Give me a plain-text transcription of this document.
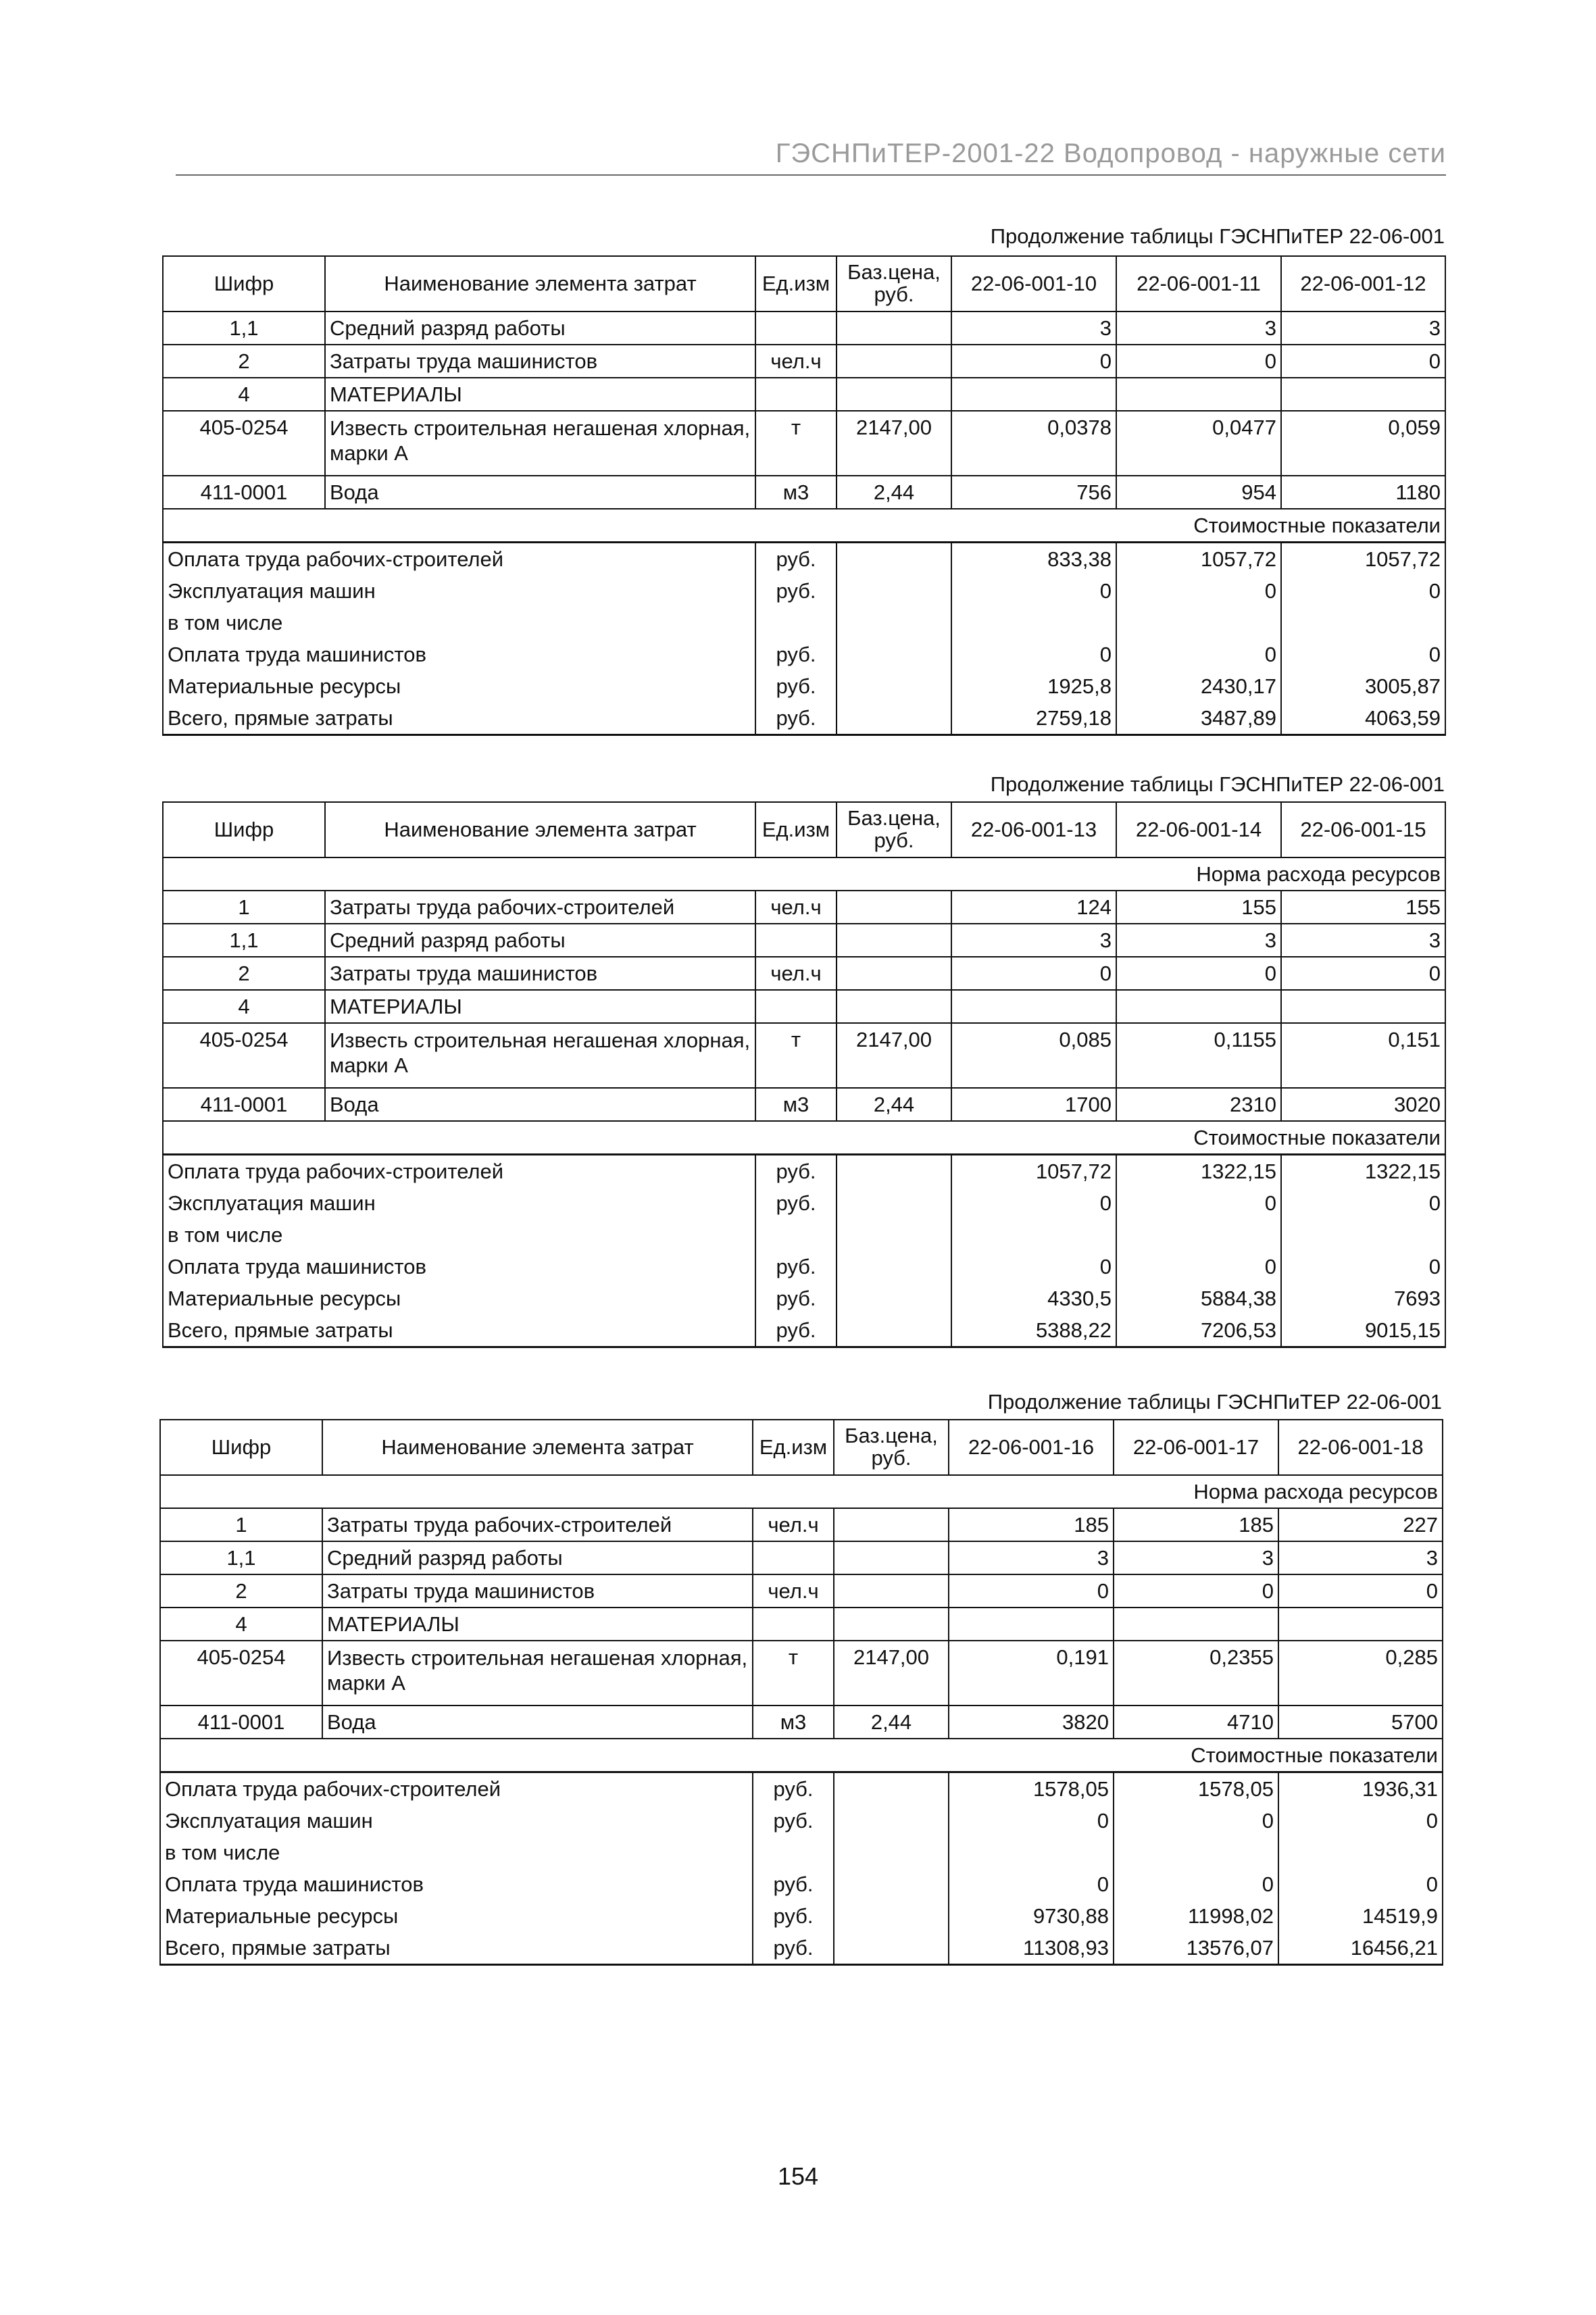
ГЭСНПиТЕР-2001-22 Водопровод - наружные сети
Продолжение таблицы ГЭСНПиТЕР 22-06-001
Шифр	Наименование элемента затрат	Ед.изм	Баз.цена, руб.	22-06-001-10	22-06-001-11	22-06-001-12
1,1	Средний разряд работы			3	3	3
2	Затраты труда машинистов	чел.ч		0	0	0
4	МАТЕРИАЛЫ					
405-0254	Известь строительная негашеная хлорная, марки А	т	2147,00	0,0378	0,0477	0,059
411-0001	Вода	м3	2,44	756	954	1180
Стоимостные показатели						
Оплата труда рабочих-строителей		руб.		833,38	1057,72	1057,72
Эксплуатация машин		руб.		0	0	0
в том числе						
Оплата труда машинистов		руб.		0	0	0
Материальные ресурсы		руб.		1925,8	2430,17	3005,87
Всего, прямые затраты		руб.		2759,18	3487,89	4063,59
Продолжение таблицы ГЭСНПиТЕР 22-06-001
Шифр	Наименование элемента затрат	Ед.изм	Баз.цена, руб.	22-06-001-13	22-06-001-14	22-06-001-15
Норма расхода ресурсов						
1	Затраты труда рабочих-строителей	чел.ч		124	155	155
1,1	Средний разряд работы			3	3	3
2	Затраты труда машинистов	чел.ч		0	0	0
4	МАТЕРИАЛЫ					
405-0254	Известь строительная негашеная хлорная, марки А	т	2147,00	0,085	0,1155	0,151
411-0001	Вода	м3	2,44	1700	2310	3020
Стоимостные показатели						
Оплата труда рабочих-строителей		руб.		1057,72	1322,15	1322,15
Эксплуатация машин		руб.		0	0	0
в том числе						
Оплата труда машинистов		руб.		0	0	0
Материальные ресурсы		руб.		4330,5	5884,38	7693
Всего, прямые затраты		руб.		5388,22	7206,53	9015,15
Продолжение таблицы ГЭСНПиТЕР 22-06-001
Шифр	Наименование элемента затрат	Ед.изм	Баз.цена, руб.	22-06-001-16	22-06-001-17	22-06-001-18
Норма расхода ресурсов						
1	Затраты труда рабочих-строителей	чел.ч		185	185	227
1,1	Средний разряд работы			3	3	3
2	Затраты труда машинистов	чел.ч		0	0	0
4	МАТЕРИАЛЫ					
405-0254	Известь строительная негашеная хлорная, марки А	т	2147,00	0,191	0,2355	0,285
411-0001	Вода	м3	2,44	3820	4710	5700
Стоимостные показатели						
Оплата труда рабочих-строителей		руб.		1578,05	1578,05	1936,31
Эксплуатация машин		руб.		0	0	0
в том числе						
Оплата труда машинистов		руб.		0	0	0
Материальные ресурсы		руб.		9730,88	11998,02	14519,9
Всего, прямые затраты		руб.		11308,93	13576,07	16456,21
154
